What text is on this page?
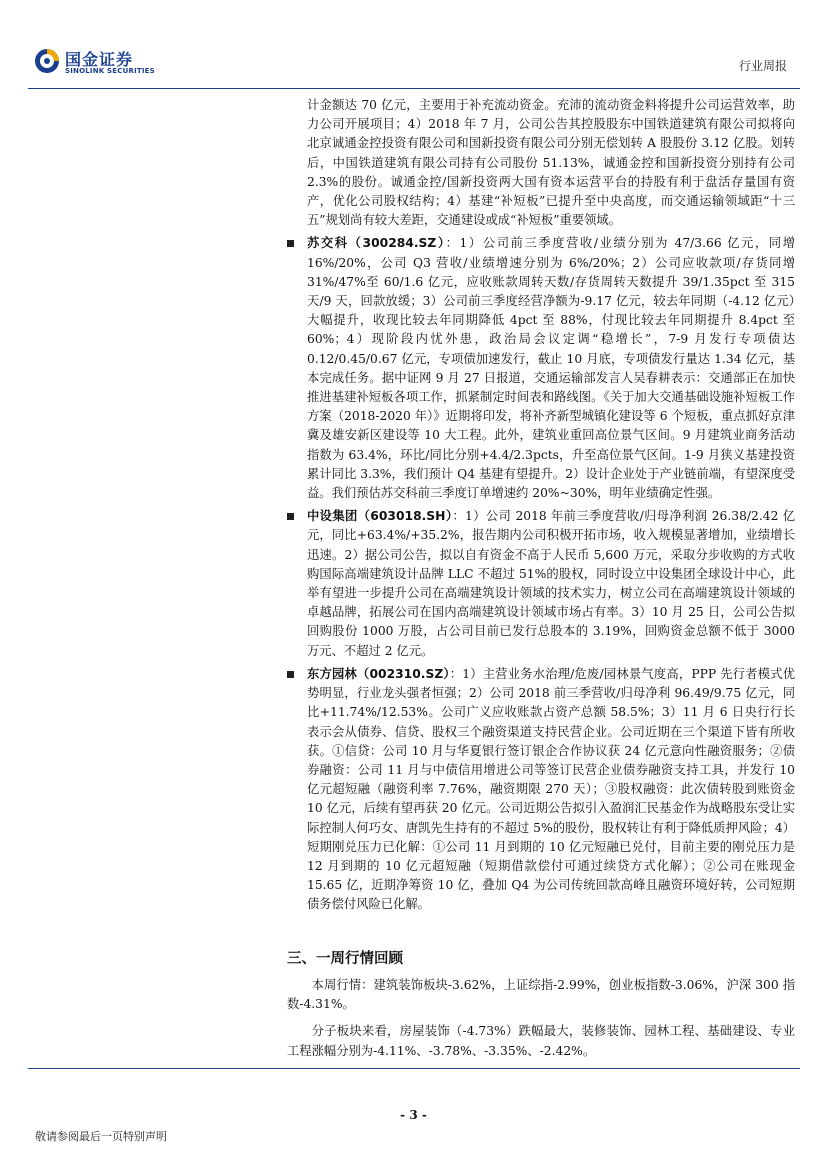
国金证券
SINOLINK SECURITIES	行业周报

计金额达 70 亿元，主要用于补充流动资金。充沛的流动资金料将提升公司运营效率，助力公司开展项目；4）2018 年 7 月，公司公告其控股股东中国铁道建筑有限公司拟将向北京诚通金控投资有限公司和国新投资有限公司分别无偿划转 A 股股份 3.12 亿股。划转后，中国铁道建筑有限公司持有公司股份 51.13%，诚通金控和国新投资分别持有公司 2.3%的股份。诚通金控/国新投资两大国有资本运营平台的持股有利于盘活存量国有资产，优化公司股权结构；4）基建“补短板”已提升至中央高度，而交通运输领域距“十三五”规划尚有较大差距，交通建设或成“补短板”重要领域。

苏交科（300284.SZ）：1）公司前三季度营收/业绩分别为 47/3.66 亿元，同增 16%/20%，公司 Q3 营收/业绩增速分别为 6%/20%；2）公司应收款项/存货同增 31%/47%至 60/1.6 亿元，应收账款周转天数/存货周转天数提升 39/1.35pct 至 315 天/9 天，回款放缓；3）公司前三季度经营净额为-9.17 亿元，较去年同期（-4.12 亿元）大幅提升，收现比较去年同期降低 4pct 至 88%，付现比较去年同期提升 8.4pct 至 60%；4）现阶段内忧外患，政治局会议定调“稳增长”，7-9 月发行专项债达 0.12/0.45/0.67 亿元，专项债加速发行，截止 10 月底，专项债发行量达 1.34 亿元，基本完成任务。据中证网 9 月 27 日报道，交通运输部发言人吴春耕表示：交通部正在加快推进基建补短板各项工作，抓紧制定时间表和路线图。《关于加大交通基础设施补短板工作方案（2018-2020 年）》近期将印发，将补齐新型城镇化建设等 6 个短板，重点抓好京津冀及雄安新区建设等 10 大工程。此外，建筑业重回高位景气区间。9 月建筑业商务活动指数为 63.4%，环比/同比分别+4.4/2.3pcts，升至高位景气区间。1-9 月狭义基建投资累计同比 3.3%，我们预计 Q4 基建有望提升。2）设计企业处于产业链前端，有望深度受益。我们预估苏交科前三季度订单增速约 20%~30%，明年业绩确定性强。
中设集团（603018.SH）：1）公司 2018 年前三季度营收/归母净利润 26.38/2.42 亿元，同比+63.4%/+35.2%，报告期内公司积极开拓市场，收入规模显著增加，业绩增长迅速。2）据公司公告，拟以自有资金不高于人民币 5,600 万元，采取分步收购的方式收购国际高端建筑设计品牌 LLC 不超过 51%的股权，同时设立中设集团全球设计中心，此举有望进一步提升公司在高端建筑设计领域的技术实力，树立公司在高端建筑设计领域的卓越品牌，拓展公司在国内高端建筑设计领域市场占有率。3）10 月 25 日，公司公告拟回购股份 1000 万股，占公司目前已发行总股本的 3.19%，回购资金总额不低于 3000 万元、不超过 2 亿元。
东方园林（002310.SZ）：1）主营业务水治理/危废/园林景气度高，PPP 先行者模式优势明显，行业龙头强者恒强；2）公司 2018 前三季营收/归母净利 96.49/9.75 亿元，同比+11.74%/12.53%。公司广义应收账款占资产总额 58.5%；3）11 月 6 日央行行长表示会从债券、信贷、股权三个融资渠道支持民营企业。公司近期在三个渠道下皆有所收获。①信贷：公司 10 月与华夏银行签订银企合作协议获 24 亿元意向性融资服务；②债券融资：公司 11 月与中债信用增进公司等签订民营企业债券融资支持工具，并发行 10 亿元超短融（融资利率 7.76%，融资期限 270 天）；③股权融资：此次债转股到账资金 10 亿元，后续有望再获 20 亿元。公司近期公告拟引入盈润汇民基金作为战略股东受让实际控制人何巧女、唐凯先生持有的不超过 5%的股份，股权转让有利于降低质押风险；4）短期刚兑压力已化解：①公司 11 月到期的 10 亿元短融已兑付，目前主要的刚兑压力是 12 月到期的 10 亿元超短融（短期借款偿付可通过续贷方式化解）；②公司在账现金 15.65 亿，近期净筹资 10 亿，叠加 Q4 为公司传统回款高峰且融资环境好转，公司短期债务偿付风险已化解。
三、一周行情回顾

本周行情：建筑装饰板块-3.62%，上证综指-2.99%，创业板指数-3.06%，沪深 300 指数-4.31%。

分子板块来看，房屋装饰（-4.73%）跌幅最大，装修装饰、园林工程、基础建设、专业工程涨幅分别为-4.11%、-3.78%、-3.35%、-2.42%。

- 3 -
敬请参阅最后一页特别声明
